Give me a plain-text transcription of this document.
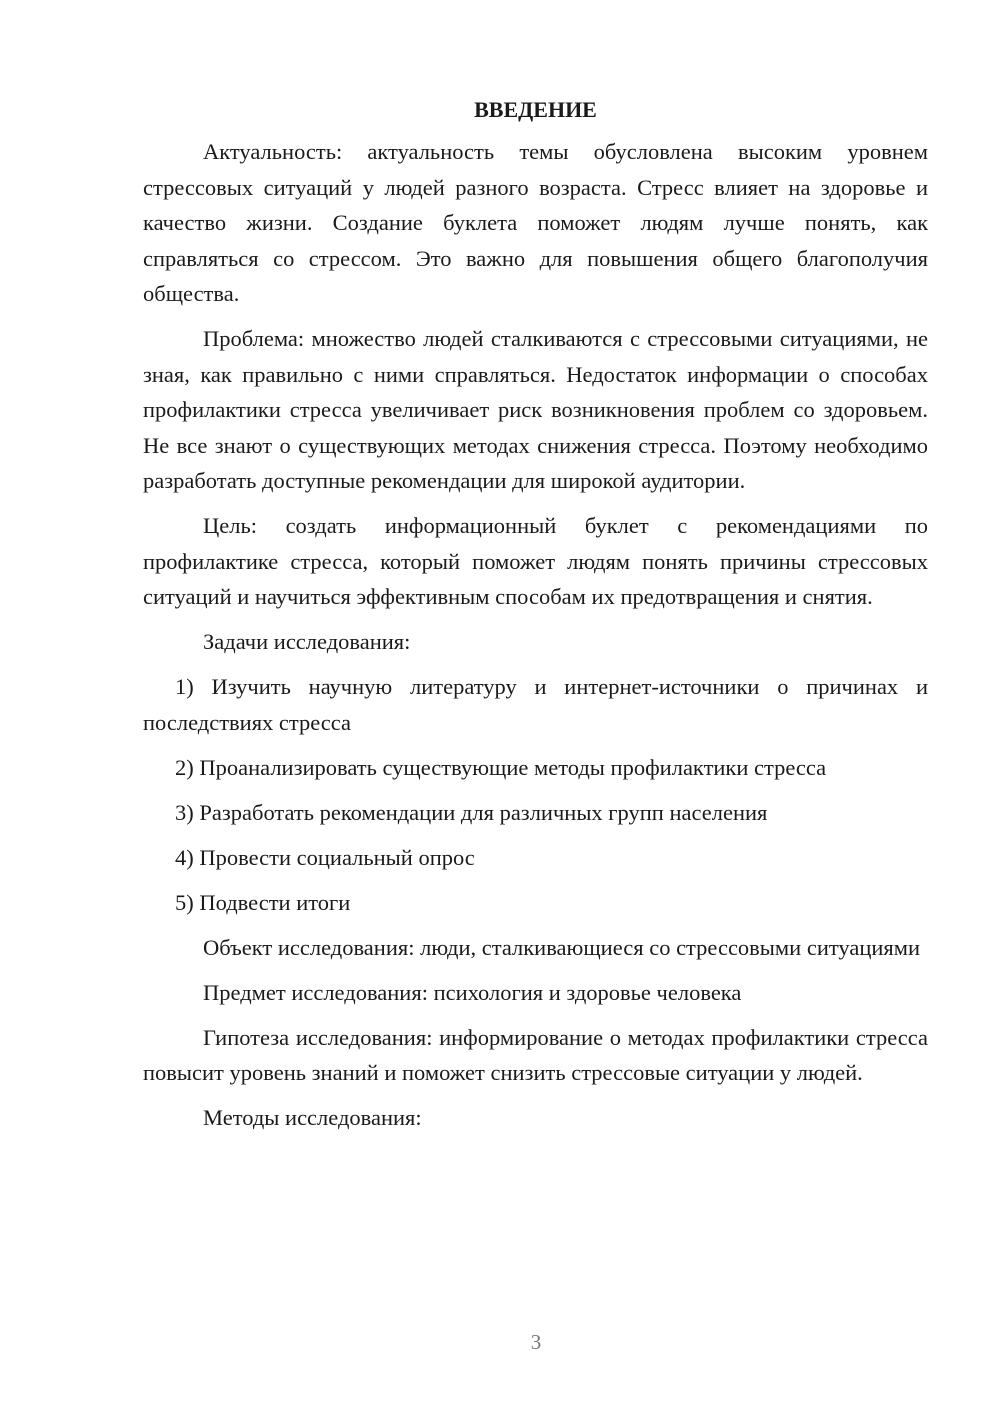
ВВЕДЕНИЕ

Актуальность: актуальность темы обусловлена высоким уровнем стрессовых ситуаций у людей разного возраста. Стресс влияет на здоровье и качество жизни. Создание буклета поможет людям лучше понять, как справляться со стрессом. Это важно для повышения общего благополучия общества.

Проблема: множество людей сталкиваются с стрессовыми ситуациями, не зная, как правильно с ними справляться. Недостаток информации о способах профилактики стресса увеличивает риск возникновения проблем со здоровьем. Не все знают о существующих методах снижения стресса. Поэтому необходимо разработать доступные рекомендации для широкой аудитории.

Цель: создать информационный буклет с рекомендациями по профилактике стресса, который поможет людям понять причины стрессовых ситуаций и научиться эффективным способам их предотвращения и снятия.

Задачи исследования:

1) Изучить научную литературу и интернет-источники о причинах и последствиях стресса

2) Проанализировать существующие методы профилактики стресса

3) Разработать рекомендации для различных групп населения

4) Провести социальный опрос

5) Подвести итоги

Объект исследования: люди, сталкивающиеся со стрессовыми ситуациями

Предмет исследования: психология и здоровье человека

Гипотеза исследования: информирование о методах профилактики стресса повысит уровень знаний и поможет снизить стрессовые ситуации у людей.

Методы исследования:

3
